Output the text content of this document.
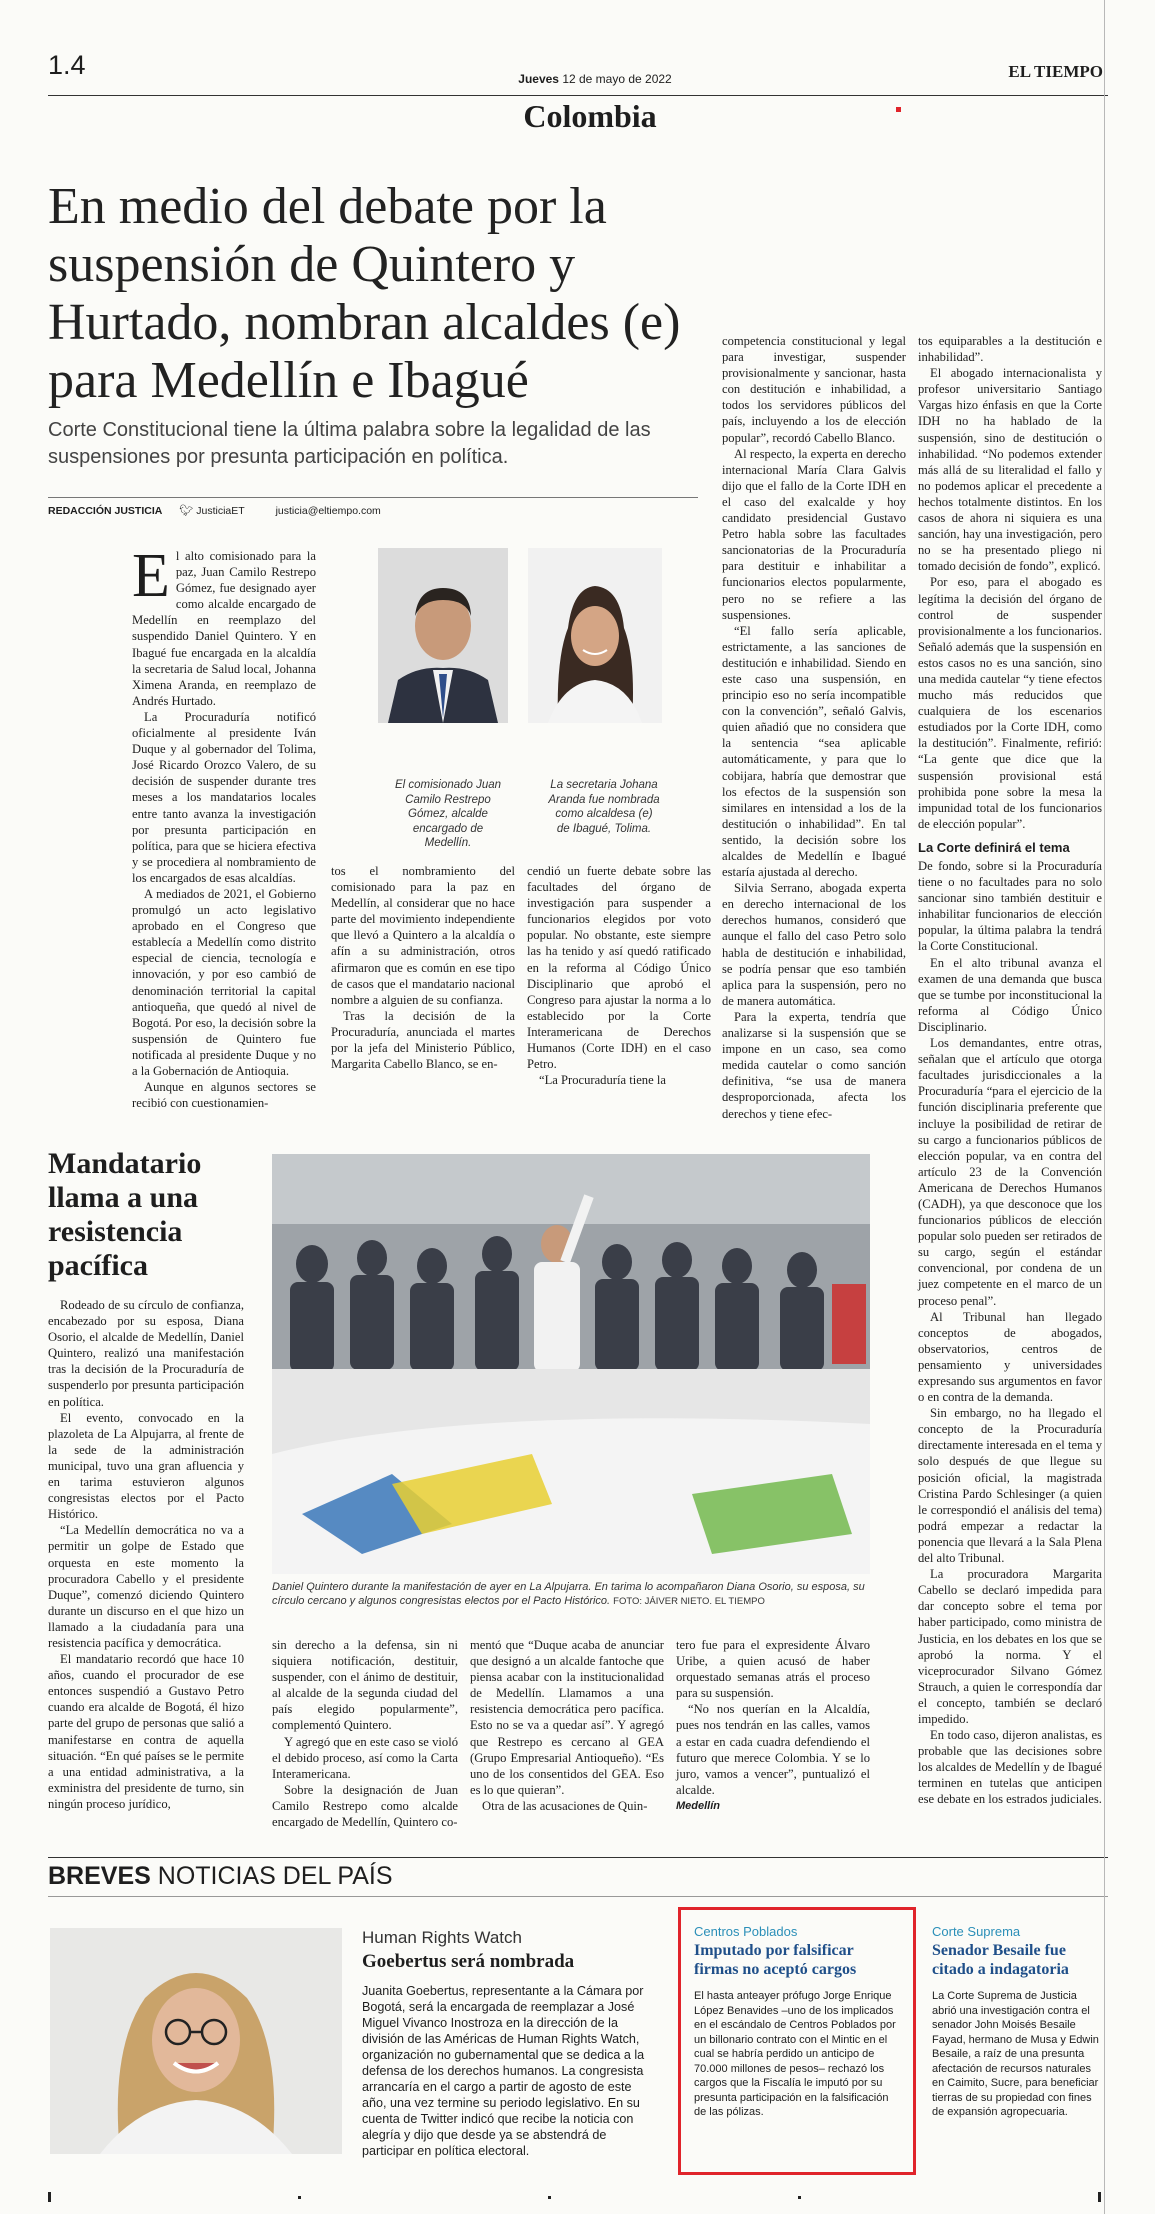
1.4	Jueves 12 de mayo de 2022	EL TIEMPO
Colombia
En medio del debate por la suspensión de Quintero y Hurtado, nombran alcaldes (e) para Medellín e Ibagué
Corte Constitucional tiene la última palabra sobre la legalidad de las suspensiones por presunta participación en política.
REDACCIÓN JUSTICIA 🐦︎ JusticiaET	justicia@eltiempo.com
E l alto comisionado para la paz, Juan Camilo Restrepo Gómez, fue designado ayer como alcalde encargado de Medellín en reemplazo del suspendido Daniel Quintero. Y en Ibagué fue encargada en la alcaldía la secretaria de Salud local, Johanna Ximena Aranda, en reemplazo de Andrés Hurtado.

La Procuraduría notificó oficialmente al presidente Iván Duque y al gobernador del Tolima, José Ricardo Orozco Valero, de su decisión de suspender durante tres meses a los mandatarios locales entre tanto avanza la investigación por presunta participación en política, para que se hiciera efectiva y se procediera al nombramiento de los encargados de esas alcaldías.

A mediados de 2021, el Gobierno promulgó un acto legislativo aprobado en el Congreso que establecía a Medellín como distrito especial de ciencia, tecnología e innovación, y por eso cambió de denominación territorial la capital antioqueña, que quedó al nivel de Bogotá. Por eso, la decisión sobre la suspensión de Quintero fue notificada al presidente Duque y no a la Gobernación de Antioquia.

Aunque en algunos sectores se recibió con cuestionamien-

El comisionado Juan Camilo Restrepo Gómez, alcalde encargado de Medellín.
La secretaria Johana Aranda fue nombrada como alcaldesa (e) de Ibagué, Tolima.

tos el nombramiento del comisionado para la paz en Medellín, al considerar que no hace parte del movimiento independiente que llevó a Quintero a la alcaldía o afín a su administración, otros afirmaron que es común en ese tipo de casos que el mandatario nacional nombre a alguien de su confianza.

Tras la decisión de la Procuraduría, anunciada el martes por la jefa del Ministerio Público, Margarita Cabello Blanco, se en-

cendió un fuerte debate sobre las facultades del órgano de investigación para suspender a funcionarios elegidos por voto popular. No obstante, este siempre las ha tenido y así quedó ratificado en la reforma al Código Único Disciplinario que aprobó el Congreso para ajustar la norma a lo establecido por la Corte Interamericana de Derechos Humanos (Corte IDH) en el caso Petro.

“La Procuraduría tiene la

competencia constitucional y legal para investigar, suspender provisionalmente y sancionar, hasta con destitución e inhabilidad, a todos los servidores públicos del país, incluyendo a los de elección popular”, recordó Cabello Blanco.

Al respecto, la experta en derecho internacional María Clara Galvis dijo que el fallo de la Corte IDH en el caso del exalcalde y hoy candidato presidencial Gustavo Petro habla sobre las facultades sancionatorias de la Procuraduría para destituir e inhabilitar a funcionarios electos popularmente, pero no se refiere a las suspensiones.

“El fallo sería aplicable, estrictamente, a las sanciones de destitución e inhabilidad. Siendo en este caso una suspensión, en principio eso no sería incompatible con la convención”, señaló Galvis, quien añadió que no considera que la sentencia “sea aplicable automáticamente, y para que lo cobijara, habría que demostrar que los efectos de la suspensión son similares en intensidad a los de la destitución o inhabilidad”. En tal sentido, la decisión sobre los alcaldes de Medellín e Ibagué estaría ajustada al derecho.

Silvia Serrano, abogada experta en derecho internacional de los derechos humanos, consideró que aunque el fallo del caso Petro solo habla de destitución e inhabilidad, se podría pensar que eso también aplica para la suspensión, pero no de manera automática.

Para la experta, tendría que analizarse si la suspensión que se impone en un caso, sea como medida cautelar o como sanción definitiva, “se usa de manera desproporcionada, afecta los derechos y tiene efec-

tos equiparables a la destitución e inhabilidad”.

El abogado internacionalista y profesor universitario Santiago Vargas hizo énfasis en que la Corte IDH no ha hablado de la suspensión, sino de destitución o inhabilidad. “No podemos extender más allá de su literalidad el fallo y no podemos aplicar el precedente a hechos totalmente distintos. En los casos de ahora ni siquiera es una sanción, hay una investigación, pero no se ha presentado pliego ni tomado decisión de fondo”, explicó.

Por eso, para el abogado es legítima la decisión del órgano de control de suspender provisionalmente a los funcionarios. Señaló además que la suspensión en estos casos no es una sanción, sino una medida cautelar “y tiene efectos mucho más reducidos que cualquiera de los escenarios estudiados por la Corte IDH, como la destitución”. Finalmente, refirió: “La gente que dice que la suspensión provisional está prohibida pone sobre la mesa la impunidad total de los funcionarios de elección popular”.

La Corte definirá el tema

De fondo, sobre si la Procuraduría tiene o no facultades para no solo sancionar sino también destituir e inhabilitar funcionarios de elección popular, la última palabra la tendrá la Corte Constitucional.

En el alto tribunal avanza el examen de una demanda que busca que se tumbe por inconstitucional la reforma al Código Único Disciplinario.

Los demandantes, entre otras, señalan que el artículo que otorga facultades jurisdiccionales a la Procuraduría “para el ejercicio de la función disciplinaria preferente que incluye la posibilidad de retirar de su cargo a funcionarios públicos de elección popular, va en contra del artículo 23 de la Convención Americana de Derechos Humanos (CADH), ya que desconoce que los funcionarios públicos de elección popular solo pueden ser retirados de su cargo, según el estándar convencional, por condena de un juez competente en el marco de un proceso penal”.

Al Tribunal han llegado conceptos de abogados, observatorios, centros de pensamiento y universidades expresando sus argumentos en favor o en contra de la demanda.

Sin embargo, no ha llegado el concepto de la Procuraduría directamente interesada en el tema y solo después de que llegue su posición oficial, la magistrada Cristina Pardo Schlesinger (a quien le correspondió el análisis del tema) podrá empezar a redactar la ponencia que llevará a la Sala Plena del alto Tribunal.

La procuradora Margarita Cabello se declaró impedida para dar concepto sobre el tema por haber participado, como ministra de Justicia, en los debates en los que se aprobó la norma. Y el viceprocurador Silvano Gómez Strauch, a quien le correspondía dar el concepto, también se declaró impedido.

En todo caso, dijeron analistas, es probable que las decisiones sobre los alcaldes de Medellín y de Ibagué terminen en tutelas que anticipen ese debate en los estrados judiciales.

Mandatario llama a una resistencia pacífica

Rodeado de su círculo de confianza, encabezado por su esposa, Diana Osorio, el alcalde de Medellín, Daniel Quintero, realizó una manifestación tras la decisión de la Procuraduría de suspenderlo por presunta participación en política.

El evento, convocado en la plazoleta de La Alpujarra, al frente de la sede de la administración municipal, tuvo una gran afluencia y en tarima estuvieron algunos congresistas electos por el Pacto Histórico.

“La Medellín democrática no va a permitir un golpe de Estado que orquesta en este momento la procuradora Cabello y el presidente Duque”, comenzó diciendo Quintero durante un discurso en el que hizo un llamado a la ciudadanía para una resistencia pacífica y democrática.

El mandatario recordó que hace 10 años, cuando el procurador de ese entonces suspendió a Gustavo Petro cuando era alcalde de Bogotá, él hizo parte del grupo de personas que salió a manifestarse en contra de aquella situación. “En qué países se le permite a una entidad administrativa, a la exministra del presidente de turno, sin ningún proceso jurídico,

Daniel Quintero durante la manifestación de ayer en La Alpujarra. En tarima lo acompañaron Diana Osorio, su esposa, su círculo cercano y algunos congresistas electos por el Pacto Histórico. FOTO: JÁIVER NIETO. EL TIEMPO

sin derecho a la defensa, sin ni siquiera notificación, destituir, suspender, con el ánimo de destituir, al alcalde de la segunda ciudad del país elegido popularmente”, complementó Quintero.

Y agregó que en este caso se violó el debido proceso, así como la Carta Interamericana.

Sobre la designación de Juan Camilo Restrepo como alcalde encargado de Medellín, Quintero co-

mentó que “Duque acaba de anunciar que designó a un alcalde fantoche que piensa acabar con la institucionalidad de Medellín. Llamamos a una resistencia democrática pero pacífica. Esto no se va a quedar así”. Y agregó que Restrepo es cercano al GEA (Grupo Empresarial Antioqueño). “Es uno de los consentidos del GEA. Eso es lo que quieran”.

Otra de las acusaciones de Quin-

tero fue para el expresidente Álvaro Uribe, a quien acusó de haber orquestado semanas atrás el proceso para su suspensión.

“No nos querían en la Alcaldía, pues nos tendrán en las calles, vamos a estar en cada cuadra defendiendo el futuro que merece Colombia. Y se lo juro, vamos a vencer”, puntualizó el alcalde.

Medellín
BREVES NOTICIAS DEL PAÍS
Human Rights Watch
Goebertus será nombrada
Juanita Goebertus, representante a la Cámara por Bogotá, será la encargada de reemplazar a José Miguel Vivanco Inostroza en la dirección de la división de las Américas de Human Rights Watch, organización no gubernamental que se dedica a la defensa de los derechos humanos. La congresista arrancaría en el cargo a partir de agosto de este año, una vez termine su periodo legislativo. En su cuenta de Twitter indicó que recibe la noticia con alegría y dijo que desde ya se abstendrá de participar en política electoral.
Centros Poblados
Imputado por falsificar firmas no aceptó cargos
El hasta anteayer prófugo Jorge Enrique López Benavides –uno de los implicados en el escándalo de Centros Poblados por un billonario contrato con el Mintic en el cual se habría perdido un anticipo de 70.000 millones de pesos– rechazó los cargos que la Fiscalía le imputó por su presunta participación en la falsificación de las pólizas.
Corte Suprema
Senador Besaile fue citado a indagatoria
La Corte Suprema de Justicia abrió una investigación contra el senador John Moisés Besaile Fayad, hermano de Musa y Edwin Besaile, a raíz de una presunta afectación de recursos naturales en Caimito, Sucre, para beneficiar tierras de su propiedad con fines de expansión agropecuaria.
